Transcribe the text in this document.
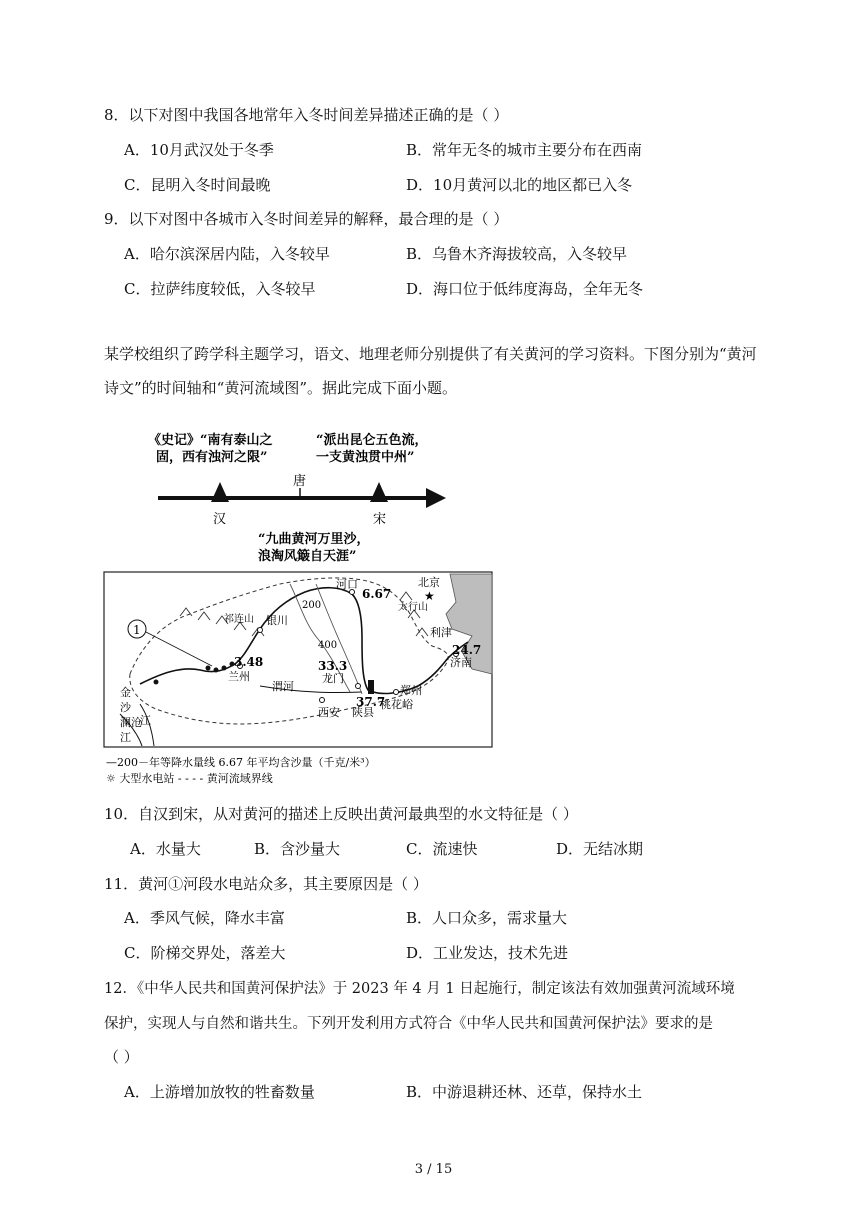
8．以下对图中我国各地常年入冬时间差异描述正确的是（ ）
A．10月武汉处于冬季	B．常年无冬的城市主要分布在西南
C．昆明入冬时间最晚	D．10月黄河以北的地区都已入冬
9．以下对图中各城市入冬时间差异的解释，最合理的是（ ）
A．哈尔滨深居内陆，入冬较早	B．乌鲁木齐海拔较高，入冬较早
C．拉萨纬度较低，入冬较早	D．海口位于低纬度海岛，全年无冬
某学校组织了跨学科主题学习，语文、地理老师分别提供了有关黄河的学习资料。下图分别为“黄河诗文”的时间轴和“黄河流域图”。据此完成下面小题。
《史记》“南有泰山之
固，西有浊河之限”
“派出昆仑五色流，
一支黄浊贯中州”
汉
唐
宋
“九曲黄河万里沙，
浪淘风簸自天涯”
1
北京
★
河口
太行山
祁连山 银川
利津
济南
兰州
渭河
龙门
西安 陕县
郑州
桃花峪
金
沙
澜沧
江
江
200
400
6.67
3.48	33.3
37.7
24.7
—200－年等降水量线 6.67 年平均含沙量（千克/米³）
☼ 大型水电站 - - - - 黄河流域界线
10．自汉到宋，从对黄河的描述上反映出黄河最典型的水文特征是（ ）
A．水量大	B．含沙量大	C．流速快	D．无结冰期
11．黄河①河段水电站众多，其主要原因是（ ）
A．季风气候，降水丰富	B．人口众多，需求量大
C．阶梯交界处，落差大	D．工业发达，技术先进
12．《中华人民共和国黄河保护法》于 2023 年 4 月 1 日起施行，制定该法有效加强黄河流域环境
保护，实现人与自然和谐共生。下列开发利用方式符合《中华人民共和国黄河保护法》要求的是
（ ）
A．上游增加放牧的牲畜数量	B．中游退耕还林、还草，保持水土
3 / 15
